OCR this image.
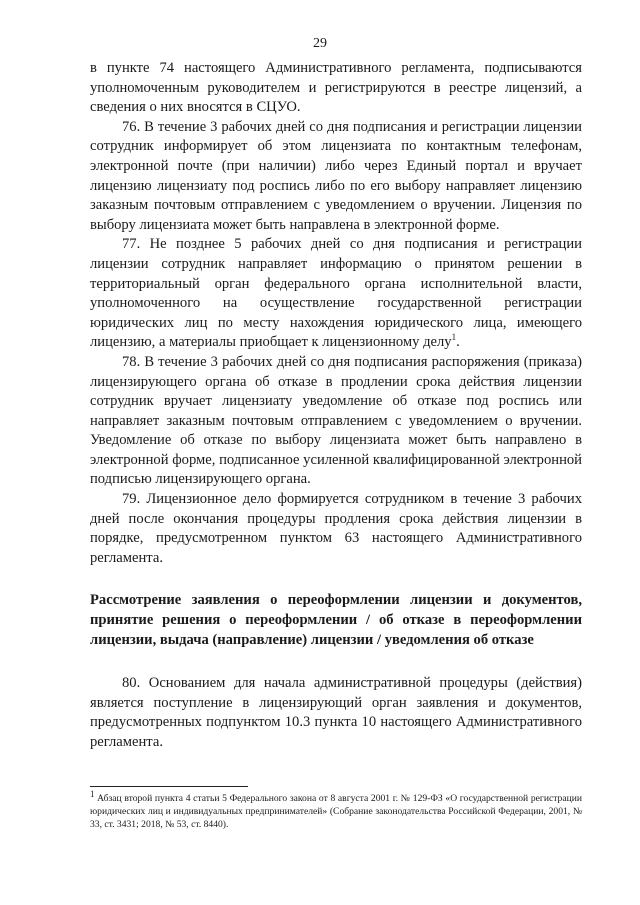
29

в пункте 74 настоящего Административного регламента, подписываются уполномоченным руководителем и регистрируются в реестре лицензий, а сведения о них вносятся в СЦУО.

76. В течение 3 рабочих дней со дня подписания и регистрации лицензии сотрудник информирует об этом лицензиата по контактным телефонам, электронной почте (при наличии) либо через Единый портал и вручает лицензию лицензиату под роспись либо по его выбору направляет лицензию заказным почтовым отправлением с уведомлением о вручении. Лицензия по выбору лицензиата может быть направлена в электронной форме.

77. Не позднее 5 рабочих дней со дня подписания и регистрации лицензии сотрудник направляет информацию о принятом решении в территориальный орган федерального органа исполнительной власти, уполномоченного на осуществление государственной регистрации юридических лиц по месту нахождения юридического лица, имеющего лицензию, а материалы приобщает к лицензионному делу$^1$.

78. В течение 3 рабочих дней со дня подписания распоряжения (приказа) лицензирующего органа об отказе в продлении срока действия лицензии сотрудник вручает лицензиату уведомление об отказе под роспись или направляет заказным почтовым отправлением с уведомлением о вручении. Уведомление об отказе по выбору лицензиата может быть направлено в электронной форме, подписанное усиленной квалифицированной электронной подписью лицензирующего органа.

79. Лицензионное дело формируется сотрудником в течение 3 рабочих дней после окончания процедуры продления срока действия лицензии в порядке, предусмотренном пунктом 63 настоящего Административного регламента.

Рассмотрение заявления о переоформлении лицензии и документов, принятие решения о переоформлении / об отказе в переоформлении лицензии, выдача (направление) лицензии / уведомления об отказе

80. Основанием для начала административной процедуры (действия) является поступление в лицензирующий орган заявления и документов, предусмотренных подпунктом 10.3 пункта 10 настоящего Административного регламента.

$^1$ Абзац второй пункта 4 статьи 5 Федерального закона от 8 августа 2001 г. № 129-ФЗ «О государственной регистрации юридических лиц и индивидуальных предпринимателей» (Собрание законодательства Российской Федерации, 2001, № 33, ст. 3431; 2018, № 53, ст. 8440).
